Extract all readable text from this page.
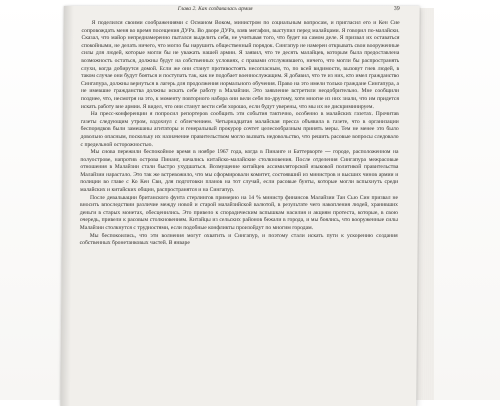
Глава 2. Как создавалась армия	39

Я поделился своими соображениями с Османом Воком, министром по социальным вопросам, и пригласил его и Кен Сие сопровождать меня во время посещения ДУРа. Во дворе ДУРа, взяв мегафон, выступил перед малайцами. Я говорил по-малайски. Сказал, что майор непреднамеренно пытался выделить себя, не учитывая того, что будет на самом деле. Я призвал их оставаться спокойными, не делать ничего, что могло бы нарушить общественный порядок. Сингапур не намерен открывать свои вооруженные силы для людей, которые могли бы не уважать нашей армии. Я заявил, что те десять малайцев, которым была предоставлена возможность остаться, должны будут на собственных условиях, с правами отслужившего, ничего, что могли бы распространять слухи, когда добирутся домой. Если же они станут противостоять несогласным, то, по всей видимости, вызовут гнев людей, в таком случае они будут бояться и поступать так, как не подобает военнослужащим. Я добавил, что те из них, кто имел гражданство Сингапура, должны вернуться в лагерь для продолжения нормального обучения. Право на это имели только граждане Сингапура, а не имевшие гражданства должны искать себе работу в Малайзии. Это заявление встретили неодобрительно. Мне сообщили позднее, что, несмотря на это, к моменту повторного набора они вели себя по-другому, хотя многие из них знали, что им придется искать работу вне армии. Я видел, что они станут вести себя хорошо, если будут уверены, что мы их не дискриминируем.

На пресс-конференции я попросил репортеров сообщить эти события тактично, особенно в малайских газетах. Прочитав газеты следующим утром, вздохнул с облегчением. Четырнадцатая малайская пресса объявила в газете, что в организации беспорядков были замешаны агитаторы и генеральный прокурор сочтет целесообразным принять меры. Тем не менее это было довольно опасным, поскольку их назначение правительством могло вызвать недовольство, что решить расовые вопросы следовало с предельной осторожностью.

Мы снова пережили беспокойное время в ноябре 1967 года, когда в Пинанге и Баттерворте — городе, расположенном на полуострове, напротив острова Пинанг, начались китайско-малайские столкновения. После отделения Сингапура межрасовые отношения в Малайзии стали быстро ухудшаться. Возмущение китайцев ассимиляторской языковой политикой правительства Малайзии нарастало. Это так же встревожило, что мы сформировали комитет, состоявший из министров и высших чинов армии и полиции во главе с Ко Кен Сви, для подготовки планов на тот случай, если расовые бунты, которые могли вспыхнуть среди малайских и китайских общин, распространятся и на Сингапур.

После девальвации британского фунта стерлингов примерно на 14 % министр финансов Малайзии Тан Сью Син призвал не вносить впоследствии различие между новой и старой малайзийской валютой, в результате чего накопления людей, хранивших деньги в старых монетах, обесценились. Это привело к спорадическим вспышкам насилия и акциям протеста, которые, в свою очередь, привели к расовым столкновениям. Китайцы из сельских районов бежали в города, и мы боялись, что вооруженные силы Малайзии столкнутся с трудностями, если подобные конфликты произойдут по многим городам.

Мы беспокоились, что эти волнения могут охватить и Сингапур, и поэтому стали искать пути к ускорению создания собственных бронетанковых частей. В январе
